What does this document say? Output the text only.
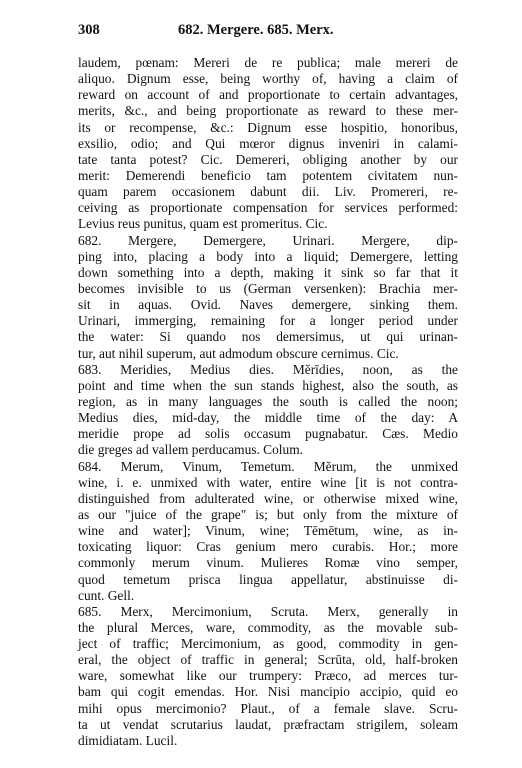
308	682. Mergere. 685. Merx.
laudem, pœnam: Mereri de re publica; male mereri de
aliquo. Dignum esse, being worthy of, having a claim of
reward on account of and proportionate to certain advantages,
merits, &c., and being proportionate as reward to these mer-
its or recompense, &c.: Dignum esse hospitio, honoribus,
exsilio, odio; and Qui mœror dignus inveniri in calami-
tate tanta potest? Cic. Demereri, obliging another by our
merit: Demerendi beneficio tam potentem civitatem nun-
quam parem occasionem dabunt dii. Liv. Promereri, re-
ceiving as proportionate compensation for services performed:
Levius reus punitus, quam est promeritus. Cic.
682. Mergere, Demergere, Urinari. Mergere, dip-
ping into, placing a body into a liquid; Demergere, letting
down something into a depth, making it sink so far that it
becomes invisible to us (German versenken): Brachia mer-
sit in aquas. Ovid. Naves demergere, sinking them.
Urinari, immerging, remaining for a longer period under
the water: Si quando nos demersimus, ut qui urinan-
tur, aut nihil superum, aut admodum obscure cernimus. Cic.
683. Meridies, Medius dies. Mĕrīdies, noon, as the
point and time when the sun stands highest, also the south, as
region, as in many languages the south is called the noon;
Medius dies, mid-day, the middle time of the day: A
meridie prope ad solis occasum pugnabatur. Cæs. Medio
die greges ad vallem perducamus. Colum.
684. Merum, Vinum, Temetum. Mĕrum, the unmixed
wine, i. e. unmixed with water, entire wine [it is not contra-
distinguished from adulterated wine, or otherwise mixed wine,
as our "juice of the grape" is; but only from the mixture of
wine and water]; Vinum, wine; Tēmētum, wine, as in-
toxicating liquor: Cras genium mero curabis. Hor.; more
commonly merum vinum. Mulieres Romæ vino semper,
quod temetum prisca lingua appellatur, abstinuisse di-
cunt. Gell.
685. Merx, Mercimonium, Scruta. Merx, generally in
the plural Merces, ware, commodity, as the movable sub-
ject of traffic; Mercimonium, as good, commodity in gen-
eral, the object of traffic in general; Scrūta, old, half-broken
ware, somewhat like our trumpery: Præco, ad merces tur-
bam qui cogit emendas. Hor. Nisi mancipio accipio, quid eo
mihi opus mercimonio? Plaut., of a female slave. Scru-
ta ut vendat scrutarius laudat, præfractam strigilem, soleam
dimidiatam. Lucil.
